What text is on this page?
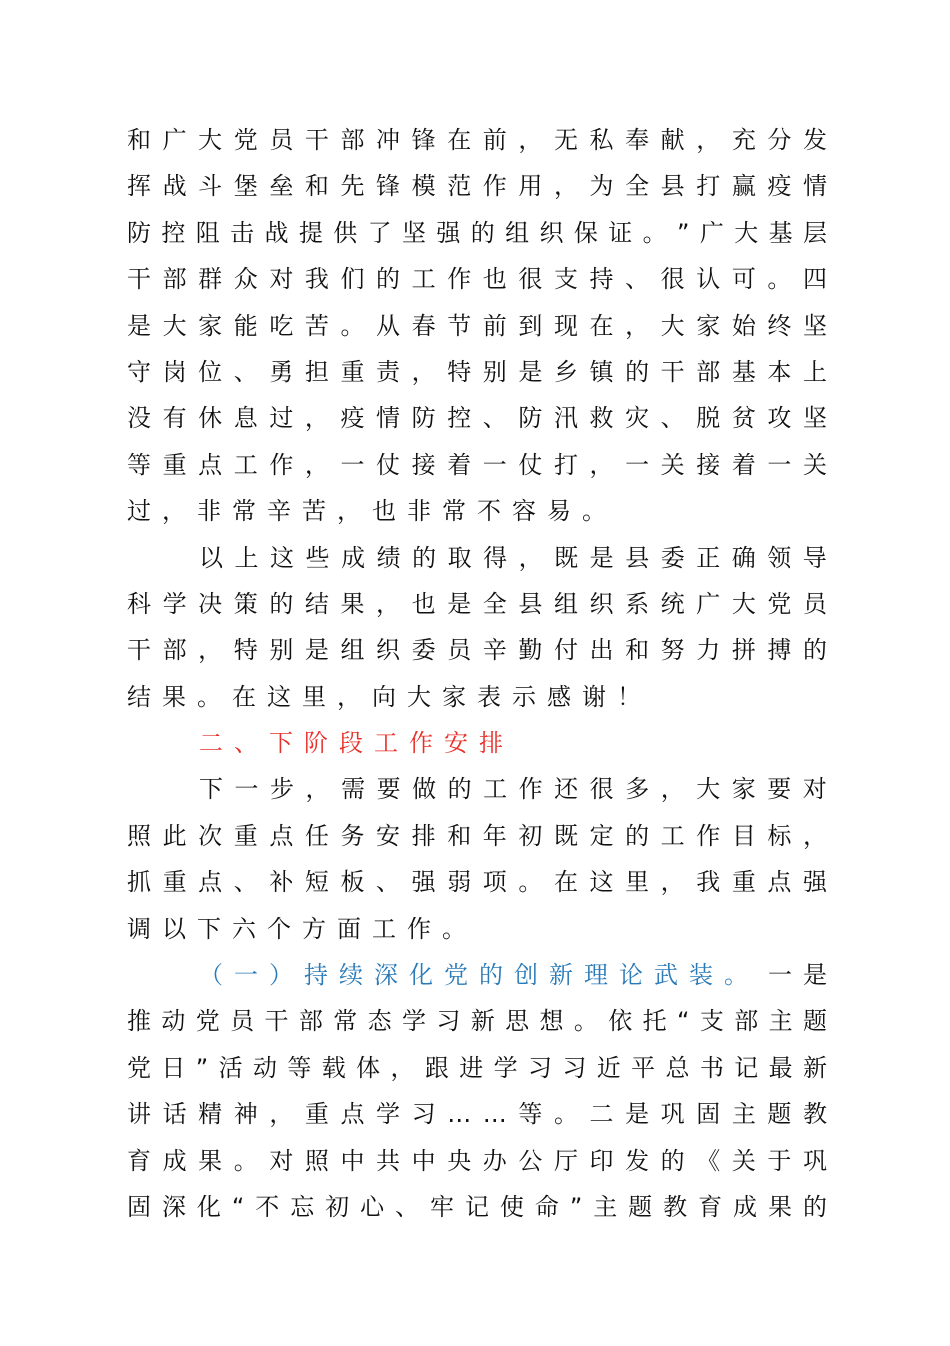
和 广 大 党 员 干 部 冲 锋 在 前 ， 无 私 奉 献 ， 充 分 发
挥 战 斗 堡 垒 和 先 锋 模 范 作 用 ， 为 全 县 打 赢 疫 情
防 控 阻 击 战 提 供 了 坚 强 的 组 织 保 证 。 ” 广 大 基 层
干 部 群 众 对 我 们 的 工 作 也 很 支 持 、 很 认 可 。 四
是 大 家 能 吃 苦 。 从 春 节 前 到 现 在 ， 大 家 始 终 坚
守 岗 位 、 勇 担 重 责 ， 特 别 是 乡 镇 的 干 部 基 本 上
没 有 休 息 过 ， 疫 情 防 控 、 防 汛 救 灾 、 脱 贫 攻 坚
等 重 点 工 作 ， 一 仗 接 着 一 仗 打 ， 一 关 接 着 一 关
过，非常辛苦，也非常不容易。
以 上 这 些 成 绩 的 取 得 ， 既 是 县 委 正 确 领 导
科 学 决 策 的 结 果 ， 也 是 全 县 组 织 系 统 广 大 党 员
干 部 ， 特 别 是 组 织 委 员 辛 勤 付 出 和 努 力 拼 搏 的
结果。在这里，向大家表示感谢！
二、下阶段工作安排
下 一 步 ， 需 要 做 的 工 作 还 很 多 ， 大 家 要 对
照 此 次 重 点 任 务 安 排 和 年 初 既 定 的 工 作 目 标 ，
抓 重 点 、 补 短 板 、 强 弱 项 。 在 这 里 ， 我 重 点 强
调以下六个方面工作。
（一）持续深化党的创新理论武装。 一是
推 动 党 员 干 部 常 态 学 习 新 思 想 。 依 托 “ 支 部 主 题
党 日 ” 活 动 等 载 体 ， 跟 进 学 习 习 近 平 总 书 记 最 新
讲 话 精 神 ， 重 点 学 习 … … 等 。 二 是 巩 固 主 题 教
育 成 果 。 对 照 中 共 中 央 办 公 厅 印 发 的 《 关 于 巩
固 深 化 “ 不 忘 初 心 、 牢 记 使 命 ” 主 题 教 育 成 果 的
